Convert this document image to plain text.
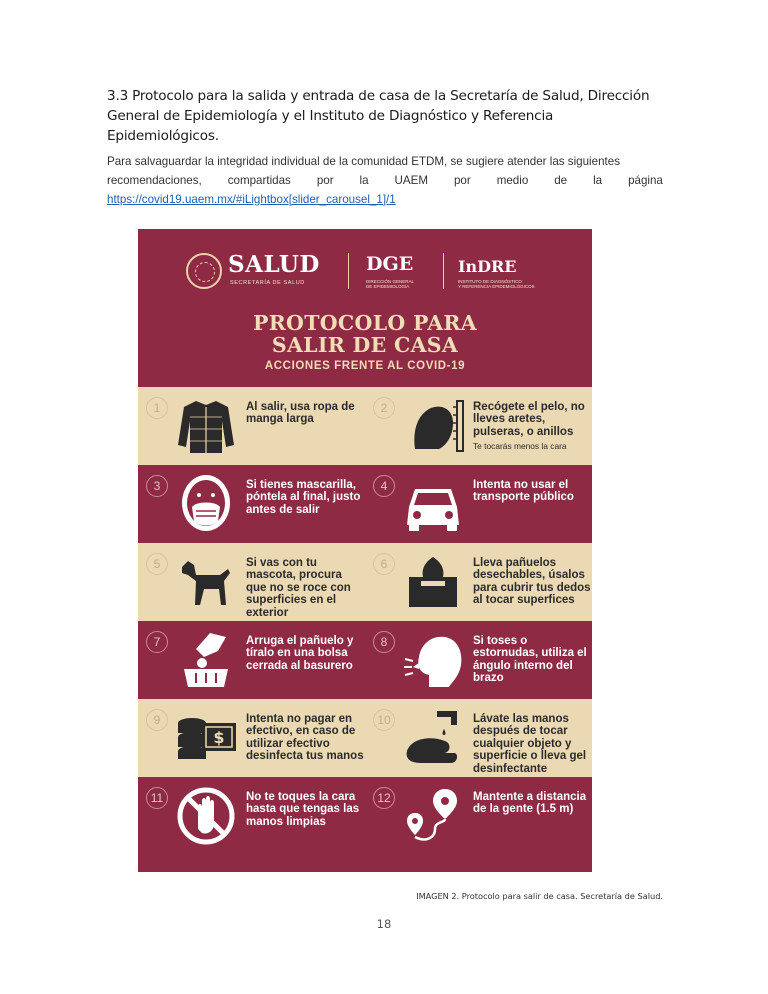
3.3 Protocolo para la salida y entrada de casa de la Secretaría de Salud, Dirección General de Epidemiología y el Instituto de Diagnóstico y Referencia Epidemiológicos.
Para salvaguardar la integridad individual de la comunidad ETDM, se sugiere atender las siguientes
recomendaciones, compartidas por la UAEM por medio de la página
https://covid19.uaem.mx/#iLightbox[slider_carousel_1]/1
SALUD
SECRETARÍA DE SALUD
DGE
DIRECCIÓN GENERAL
DE EPIDEMIOLOGÍA
InDRE
INSTITUTO DE DIAGNÓSTICO
Y REFERENCIA EPIDEMIOLÓGICOS
PROTOCOLO PARA
SALIR DE CASA
ACCIONES FRENTE AL COVID-19
1	Al salir, usa ropa de manga larga
2	Recógete el pelo, no lleves aretes, pulseras, o anillos
Te tocarás menos la cara
3	Si tienes mascarilla, póntela al final, justo antes de salir
4	Intenta no usar el transporte público
5	Si vas con tu mascota, procura que no se roce con superficies en el exterior
6	Lleva pañuelos desechables, úsalos para cubrir tus dedos al tocar superfices
7	Arruga el pañuelo y tíralo en una bolsa cerrada al basurero
8	Si toses o estornudas, utiliza el ángulo interno del brazo
9
$
Intenta no pagar en efectivo, en caso de utilizar efectivo desinfecta tus manos
10	Lávate las manos después de tocar cualquier objeto y superficie o lleva gel desinfectante
11	No te toques la cara hasta que tengas las manos limpias
12	Mantente a distancia de la gente (1.5 m)
IMAGEN 2. Protocolo para salir de casa. Secretaría de Salud.
18
